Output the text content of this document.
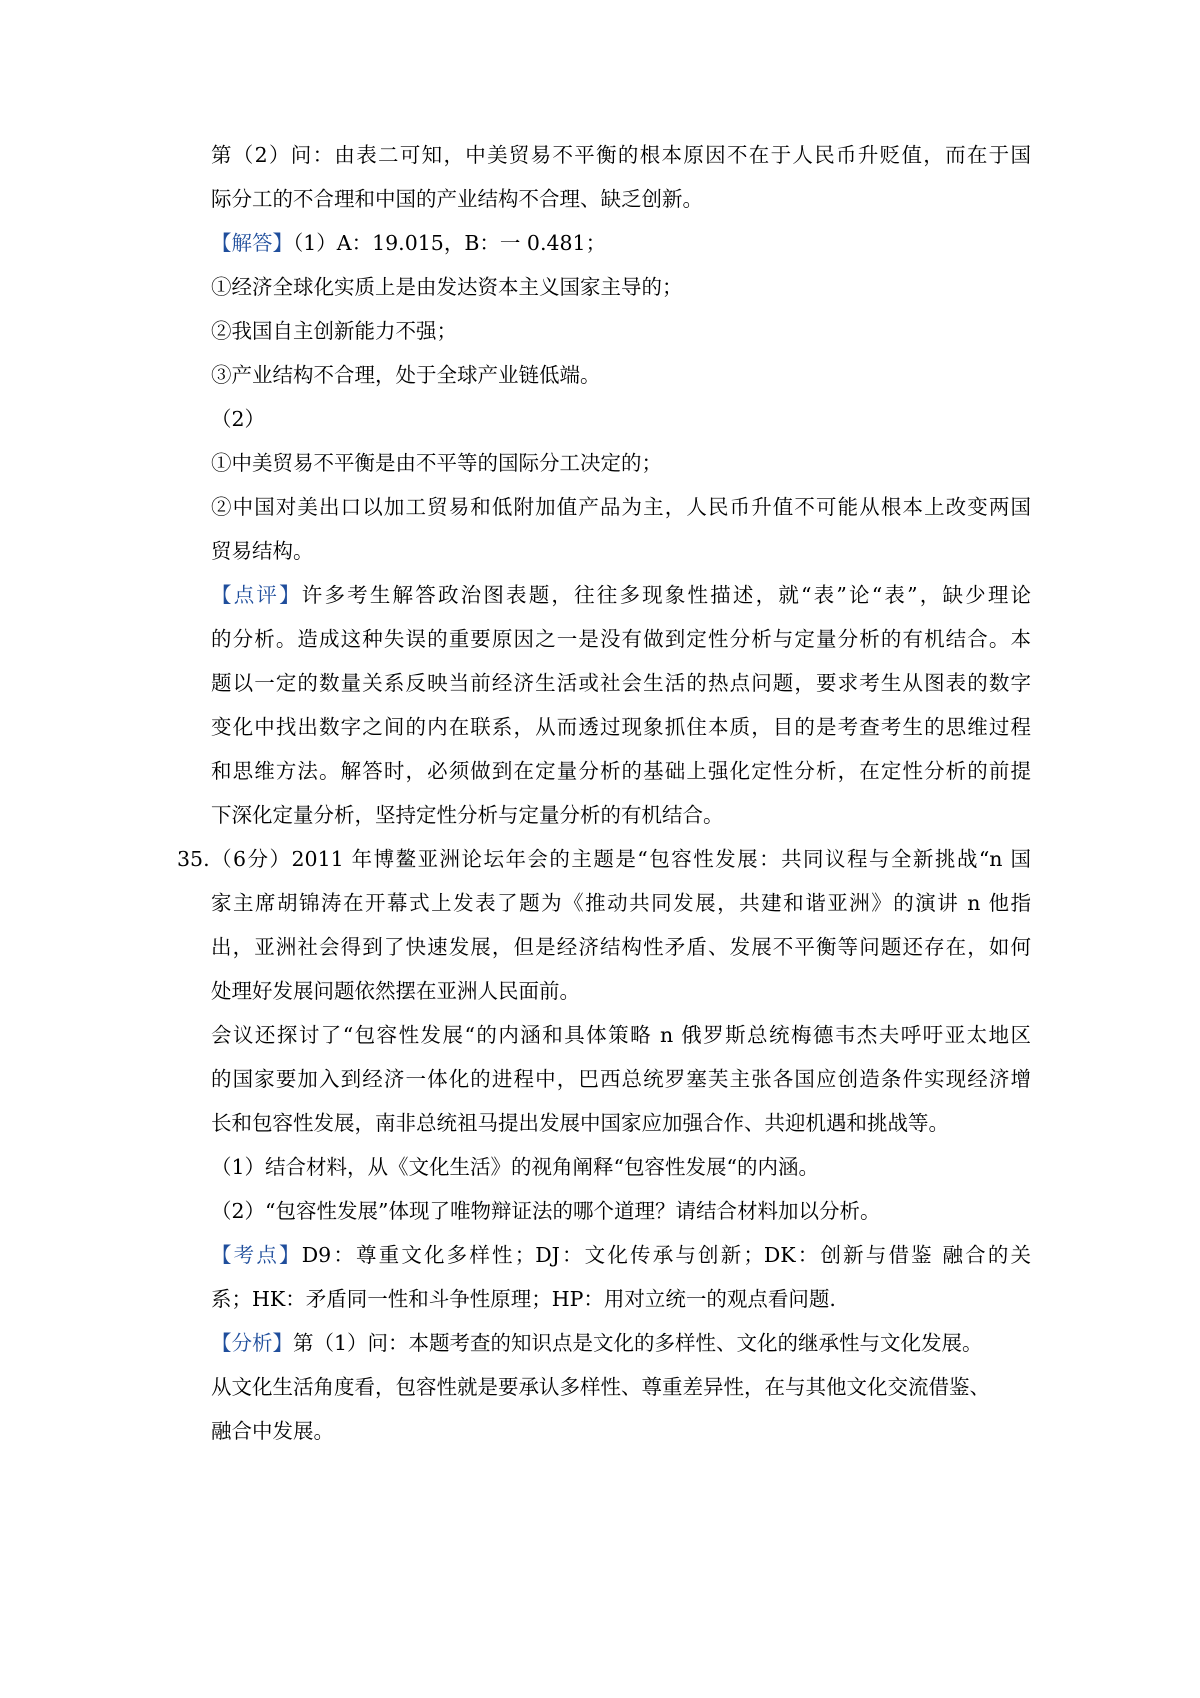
第（2）问：由表二可知，中美贸易不平衡的根本原因不在于人民币升贬值，而在于国
际分工的不合理和中国的产业结构不合理、缺乏创新。
【 解答 】 （1）A：19.015，B：一 0.481；
①经济全球化实质上是由发达资本主义国家主导的；
②我国自主创新能力不强；
③产业结构不合理，处于全球产业链低端。
（2）
①中美贸易不平衡是由不平等的国际分工决定的；
②中国对美出口以加工贸易和低附加值产品为主，人民币升值不可能从根本上改变两国
贸易结构。
【 点评 】 许多考生解答政治图表题，往往多现象性描述，就“表”论“表”，缺少理论
的分析。造成这种失误的重要原因之一是没有做到定性分析与定量分析的有机结合。本
题以一定的数量关系反映当前经济生活或社会生活的热点问题，要求考生从图表的数字
变化中找出数字之间的内在联系，从而透过现象抓住本质，目的是考查考生的思维过程
和思维方法。解答时，必须做到在定量分析的基础上强化定性分析，在定性分析的前提
下深化定量分析，坚持定性分析与定量分析的有机结合。
35.（6分）2011 年博鳌亚洲论坛年会的主题是“包容性发展：共同议程与全新挑战“n 国
家主席胡锦涛在开幕式上发表了题为《推动共同发展，共建和谐亚洲》的演讲 n 他指
出，亚洲社会得到了快速发展，但是经济结构性矛盾、发展不平衡等问题还存在，如何
处理好发展问题依然摆在亚洲人民面前。
会议还探讨了“包容性发展“的内涵和具体策略 n 俄罗斯总统梅德韦杰夫呼吁亚太地区
的国家要加入到经济一体化的进程中，巴西总统罗塞芙主张各国应创造条件实现经济增
长和包容性发展，南非总统祖马提出发展中国家应加强合作、共迎机遇和挑战等。
（1）结合材料，从《文化生活》的视角阐释“包容性发展“的内涵。
（2）“包容性发展”体现了唯物辩证法的哪个道理？请结合材料加以分析。
【 考点 】 D9：尊重文化多样性；DJ：文化传承与创新；DK：创新与借鉴 融合的关
系；HK：矛盾同一性和斗争性原理；HP：用对立统一的观点看问题.
【 分析 】 第（1）问：本题考查的知识点是文化的多样性、文化的继承性与文化发展。
从文化生活角度看，包容性就是要承认多样性、尊重差异性，在与其他文化交流借鉴、
融合中发展。
